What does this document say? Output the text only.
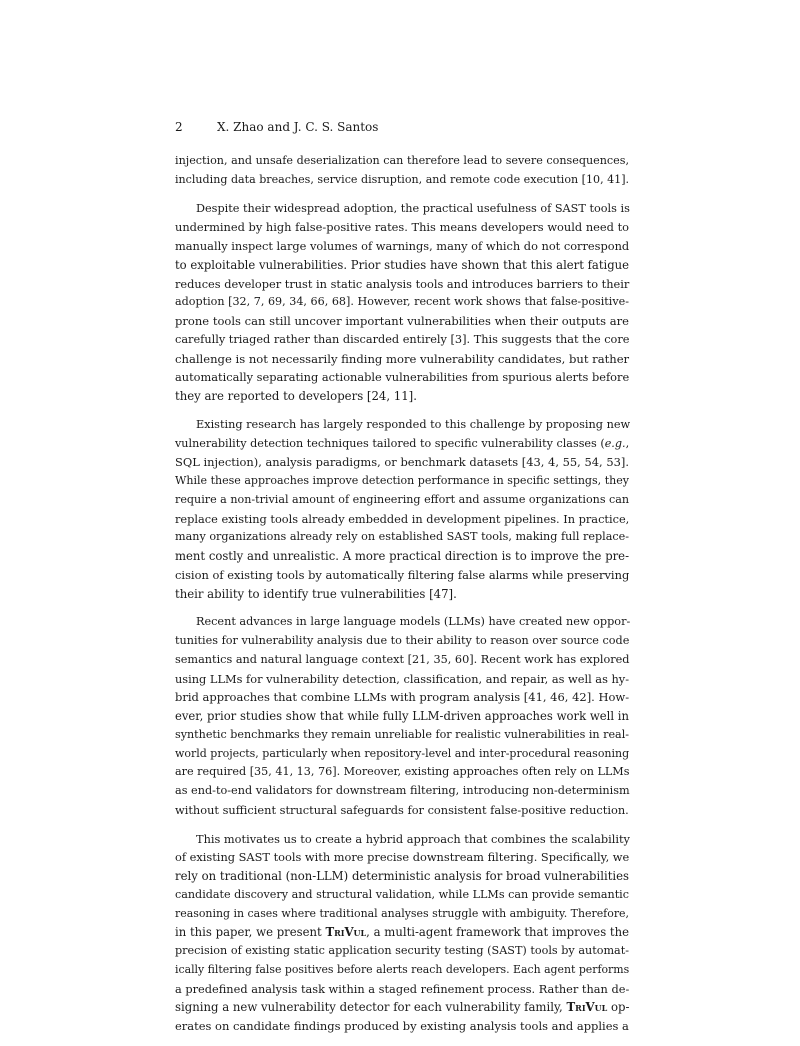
2	X. Zhao and J. C. S. Santos
injection, and unsafe deserialization can therefore lead to severe consequences,
including data breaches, service disruption, and remote code execution [10, 41].
Despite their widespread adoption, the practical usefulness of SAST tools is
undermined by high false-positive rates. This means developers would need to
manually inspect large volumes of warnings, many of which do not correspond
to exploitable vulnerabilities. Prior studies have shown that this alert fatigue
reduces developer trust in static analysis tools and introduces barriers to their
adoption [32, 7, 69, 34, 66, 68]. However, recent work shows that false-positive-
prone tools can still uncover important vulnerabilities when their outputs are
carefully triaged rather than discarded entirely [3]. This suggests that the core
challenge is not necessarily finding more vulnerability candidates, but rather
automatically separating actionable vulnerabilities from spurious alerts before
they are reported to developers [24, 11].
Existing research has largely responded to this challenge by proposing new
vulnerability detection techniques tailored to specific vulnerability classes (e.g.,
SQL injection), analysis paradigms, or benchmark datasets [43, 4, 55, 54, 53].
While these approaches improve detection performance in specific settings, they
require a non-trivial amount of engineering effort and assume organizations can
replace existing tools already embedded in development pipelines. In practice,
many organizations already rely on established SAST tools, making full replace-
ment costly and unrealistic. A more practical direction is to improve the pre-
cision of existing tools by automatically filtering false alarms while preserving
their ability to identify true vulnerabilities [47].
Recent advances in large language models (LLMs) have created new oppor-
tunities for vulnerability analysis due to their ability to reason over source code
semantics and natural language context [21, 35, 60]. Recent work has explored
using LLMs for vulnerability detection, classification, and repair, as well as hy-
brid approaches that combine LLMs with program analysis [41, 46, 42]. How-
ever, prior studies show that while fully LLM-driven approaches work well in
synthetic benchmarks they remain unreliable for realistic vulnerabilities in real-
world projects, particularly when repository-level and inter-procedural reasoning
are required [35, 41, 13, 76]. Moreover, existing approaches often rely on LLMs
as end-to-end validators for downstream filtering, introducing non-determinism
without sufficient structural safeguards for consistent false-positive reduction.
This motivates us to create a hybrid approach that combines the scalability
of existing SAST tools with more precise downstream filtering. Specifically, we
rely on traditional (non-LLM) deterministic analysis for broad vulnerabilities
candidate discovery and structural validation, while LLMs can provide semantic
reasoning in cases where traditional analyses struggle with ambiguity. Therefore,
in this paper, we present TriVul, a multi-agent framework that improves the
precision of existing static application security testing (SAST) tools by automat-
ically filtering false positives before alerts reach developers. Each agent performs
a predefined analysis task within a staged refinement process. Rather than de-
signing a new vulnerability detector for each vulnerability family, TriVul op-
erates on candidate findings produced by existing analysis tools and applies a
